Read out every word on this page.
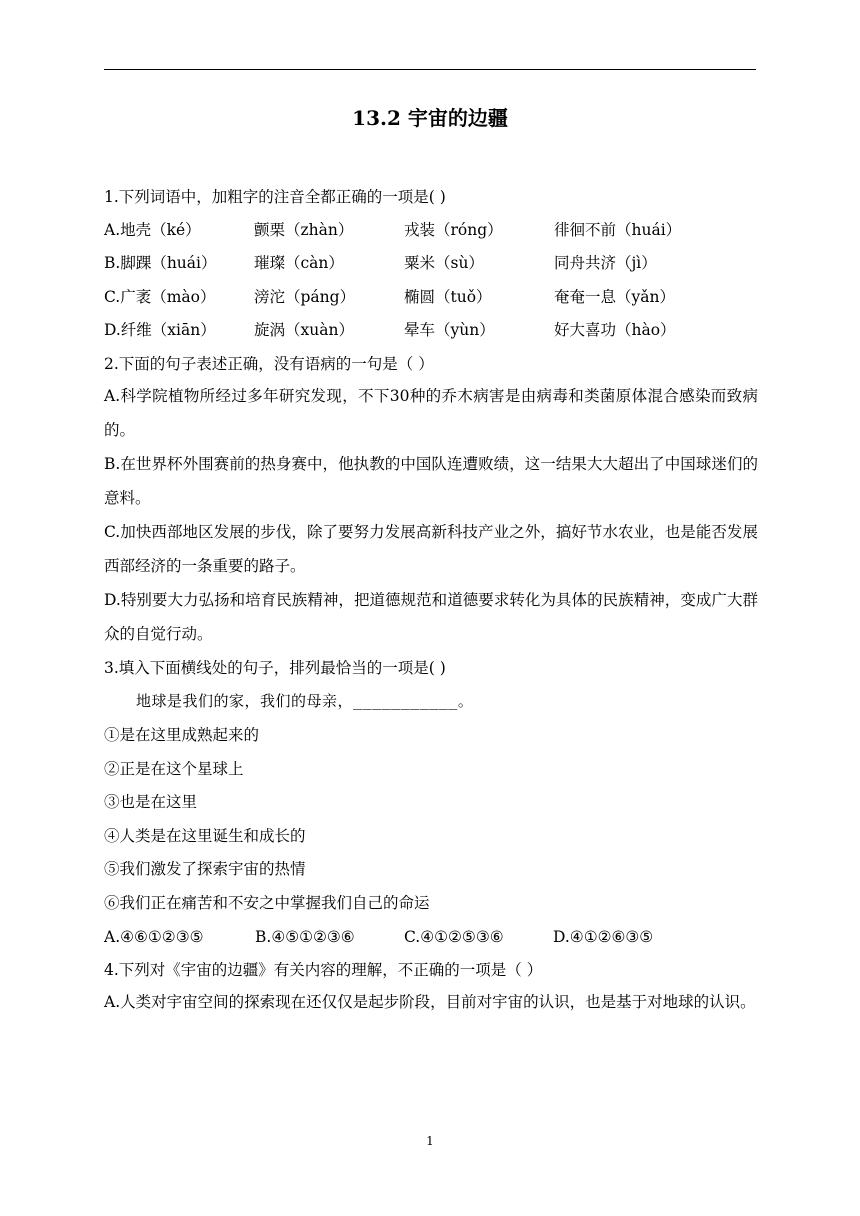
13.2 宇宙的边疆
1.下列词语中，加粗字的注音全都正确的一项是( )
A.地壳（ké）	颤栗（zhàn）	戎装（róng）	徘徊不前（huái）
B.脚踝（huái） 璀璨（càn）	粟米（sù）	同舟共济（jì）
C.广袤（mào） 滂沱（páng）	椭圆（tuǒ）	奄奄一息（yǎn）
D.纤维（xiān） 旋涡（xuàn）	晕车（yùn）	好大喜功（hào）
2.下面的句子表述正确，没有语病的一句是（ ）
A.科学院植物所经过多年研究发现，不下30种的乔木病害是由病毒和类菌原体混合感染而致病的。
B.在世界杯外围赛前的热身赛中，他执教的中国队连遭败绩，这一结果大大超出了中国球迷们的意料。
C.加快西部地区发展的步伐，除了要努力发展高新科技产业之外，搞好节水农业，也是能否发展西部经济的一条重要的路子。
D.特别要大力弘扬和培育民族精神，把道德规范和道德要求转化为具体的民族精神，变成广大群众的自觉行动。
3.填入下面横线处的句子，排列最恰当的一项是( )
地球是我们的家，我们的母亲，___________。
①是在这里成熟起来的
②正是在这个星球上
③也是在这里
④人类是在这里诞生和成长的
⑤我们激发了探索宇宙的热情
⑥我们正在痛苦和不安之中掌握我们自己的命运
A.④⑥①②③⑤	B.④⑤①②③⑥	C.④①②⑤③⑥	D.④①②⑥③⑤
4.下列对《宇宙的边疆》有关内容的理解，不正确的一项是（ ）
A.人类对宇宙空间的探索现在还仅仅是起步阶段，目前对宇宙的认识，也是基于对地球的认识。
1
